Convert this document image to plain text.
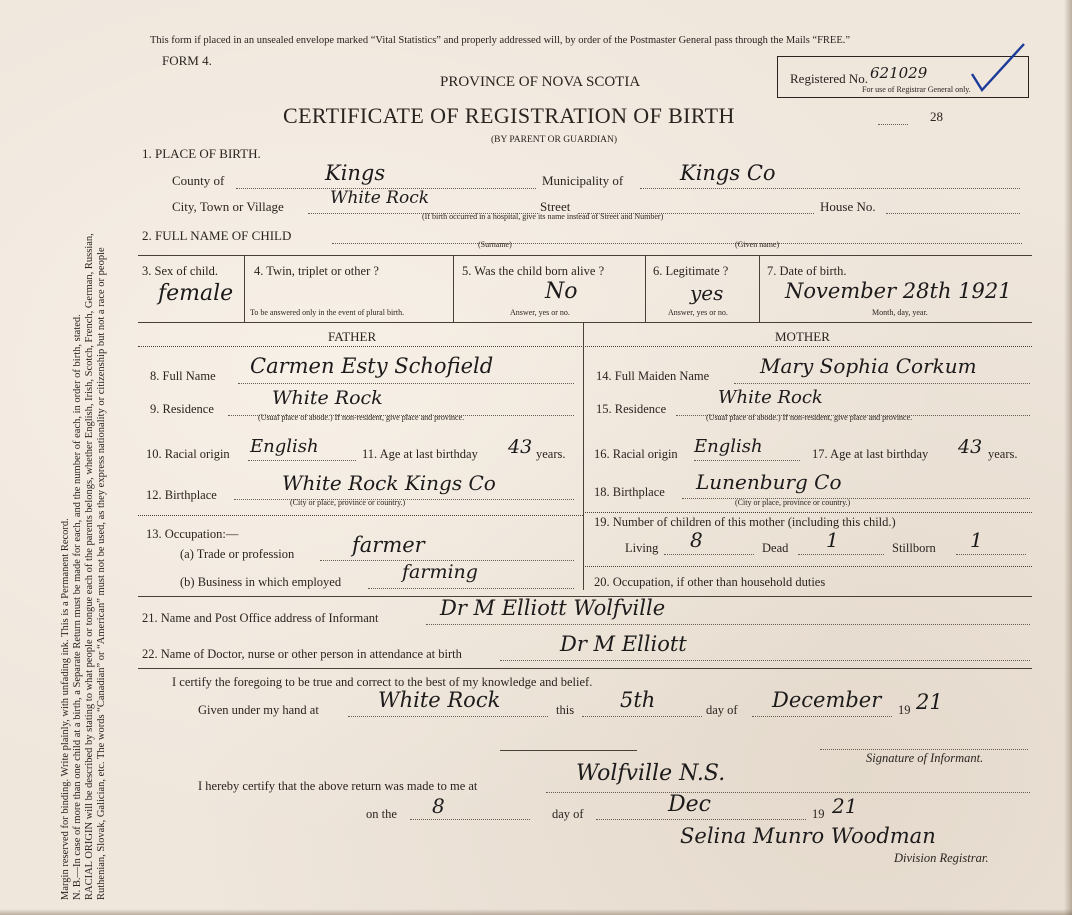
Margin reserved for binding. Write plainly, with unfading ink. This is a Permanent Record. N. B.—In case of more than one child at a birth, a Separate Return must be made for each, and the number of each, in order of birth, stated. RACIAL ORIGIN will be described by stating to what people or tongue each of the parents belongs, whether English, Irish, Scotch, French, German, Russian, Ruthenian, Slovak, Galician, etc. The words “Canadian” or “American” must not be used, as they express nationality or citizenship but not a race or people
This form if placed in an unsealed envelope marked “Vital Statistics” and properly addressed will, by order of the Postmaster General pass through the Mails “FREE.”
FORM 4.
PROVINCE OF NOVA SCOTIA
CERTIFICATE OF REGISTRATION OF BIRTH	28
(BY PARENT OR GUARDIAN)
Registered No. 621029
For use of Registrar General only.
1. PLACE OF BIRTH.
County of	Kings	Municipality of	Kings Co
City, Town or Village	White Rock	Street	House No.
(If birth occurred in a hospital, give its name instead of Street and Number)
2. FULL NAME OF CHILD
(Surname)	(Given name)
3. Sex of child.
female
4. Twin, triplet or other ?
To be answered only in the event of plural birth.
5. Was the child born alive ?
No
Answer, yes or no.
6. Legitimate ?
yes
Answer, yes or no.
7. Date of birth.
November 28th 1921
Month, day, year.
FATHER	MOTHER
8. Full Name Carmen Esty Schofield
9. Residence	White Rock
(Usual place of abode.) If non-resident, give place and province.
10. Racial origin English	11. Age at last birthday 43 years.
12. Birthplace	White Rock Kings Co
(City or place, province or country.)
13. Occupation:—
(a) Trade or profession	farmer
(b) Business in which employed	farming
14. Full Maiden Name	Mary Sophia Corkum
15. Residence
White Rock
(Usual place of abode.) If non-resident, give place and province.
16. Racial origin English	17. Age at last birthday 43 years.
18. Birthplace Lunenburg Co
(City or place, province or country.)
19. Number of children of this mother (including this child.)
Living 8	Dead 1	Stillborn 1
20. Occupation, if other than household duties
21. Name and Post Office address of Informant	Dr M Elliott Wolfville
22. Name of Doctor, nurse or other person in attendance at birth	Dr M Elliott
I certify the foregoing to be true and correct to the best of my knowledge and belief.
Given under my hand at	White Rock	this 5th	day of December 19 21
Signature of Informant.
I hereby certify that the above return was made to me at	Wolfville N.S.
on the 8	day of	Dec	19 21
Selina Munro Woodman
Division Registrar.
